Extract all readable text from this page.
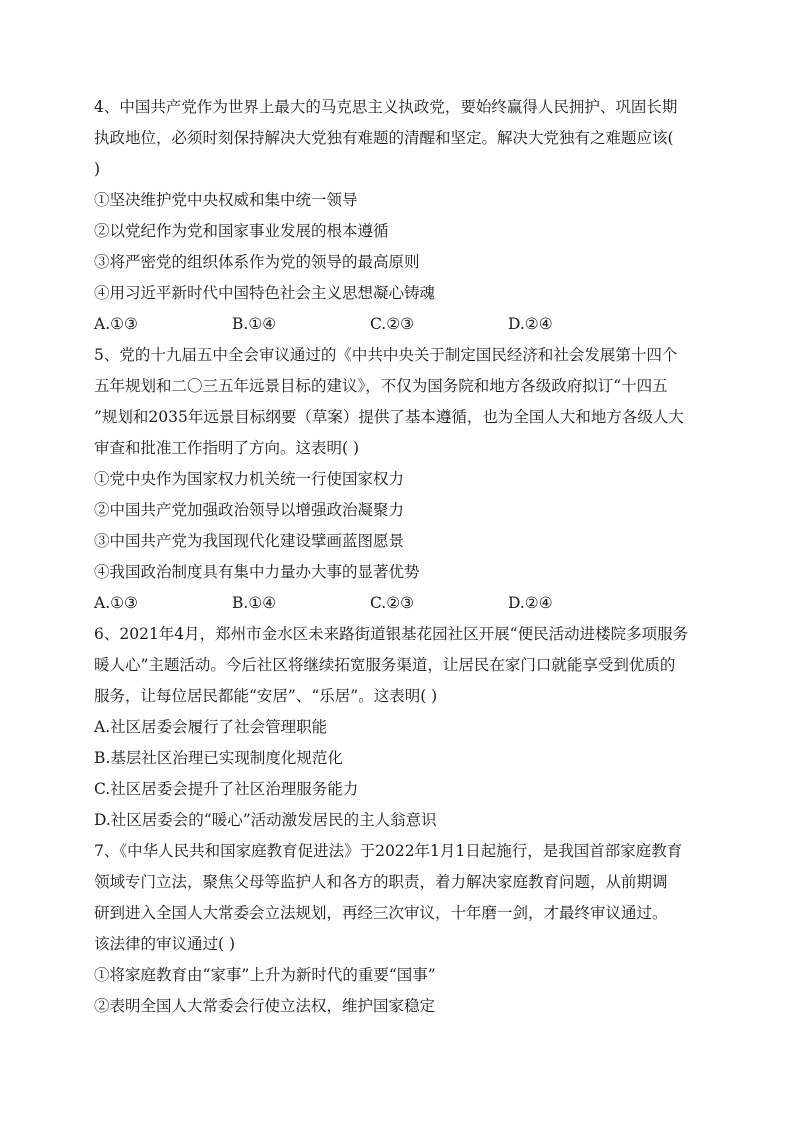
4、中国共产党作为世界上最大的马克思主义执政党，要始终赢得人民拥护、巩固长期
执政地位，必须时刻保持解决大党独有难题的清醒和坚定。解决大党独有之难题应该(
)
①坚决维护党中央权威和集中统一领导
②以党纪作为党和国家事业发展的根本遵循
③将严密党的组织体系作为党的领导的最高原则
④用习近平新时代中国特色社会主义思想凝心铸魂
A.①③	B.①④	C.②③	D.②④
5、党的十九届五中全会审议通过的《中共中央关于制定国民经济和社会发展第十四个
五年规划和二〇三五年远景目标的建议》，不仅为国务院和地方各级政府拟订“十四五
”规划和2035年远景目标纲要（草案）提供了基本遵循，也为全国人大和地方各级人大
审查和批准工作指明了方向。这表明( )
①党中央作为国家权力机关统一行使国家权力
②中国共产党加强政治领导以增强政治凝聚力
③中国共产党为我国现代化建设擘画蓝图愿景
④我国政治制度具有集中力量办大事的显著优势
A.①③	B.①④	C.②③	D.②④
6、2021年4月，郑州市金水区未来路街道银基花园社区开展“便民活动进楼院多项服务
暖人心”主题活动。今后社区将继续拓宽服务渠道，让居民在家门口就能享受到优质的
服务，让每位居民都能“安居”、“乐居”。这表明( )
A.社区居委会履行了社会管理职能
B.基层社区治理已实现制度化规范化
C.社区居委会提升了社区治理服务能力
D.社区居委会的“暖心”活动激发居民的主人翁意识
7、《中华人民共和国家庭教育促进法》于2022年1月1日起施行，是我国首部家庭教育
领域专门立法，聚焦父母等监护人和各方的职责，着力解决家庭教育问题，从前期调
研到进入全国人大常委会立法规划，再经三次审议，十年磨一剑，才最终审议通过。
该法律的审议通过( )
①将家庭教育由“家事”上升为新时代的重要“国事”
②表明全国人大常委会行使立法权，维护国家稳定
